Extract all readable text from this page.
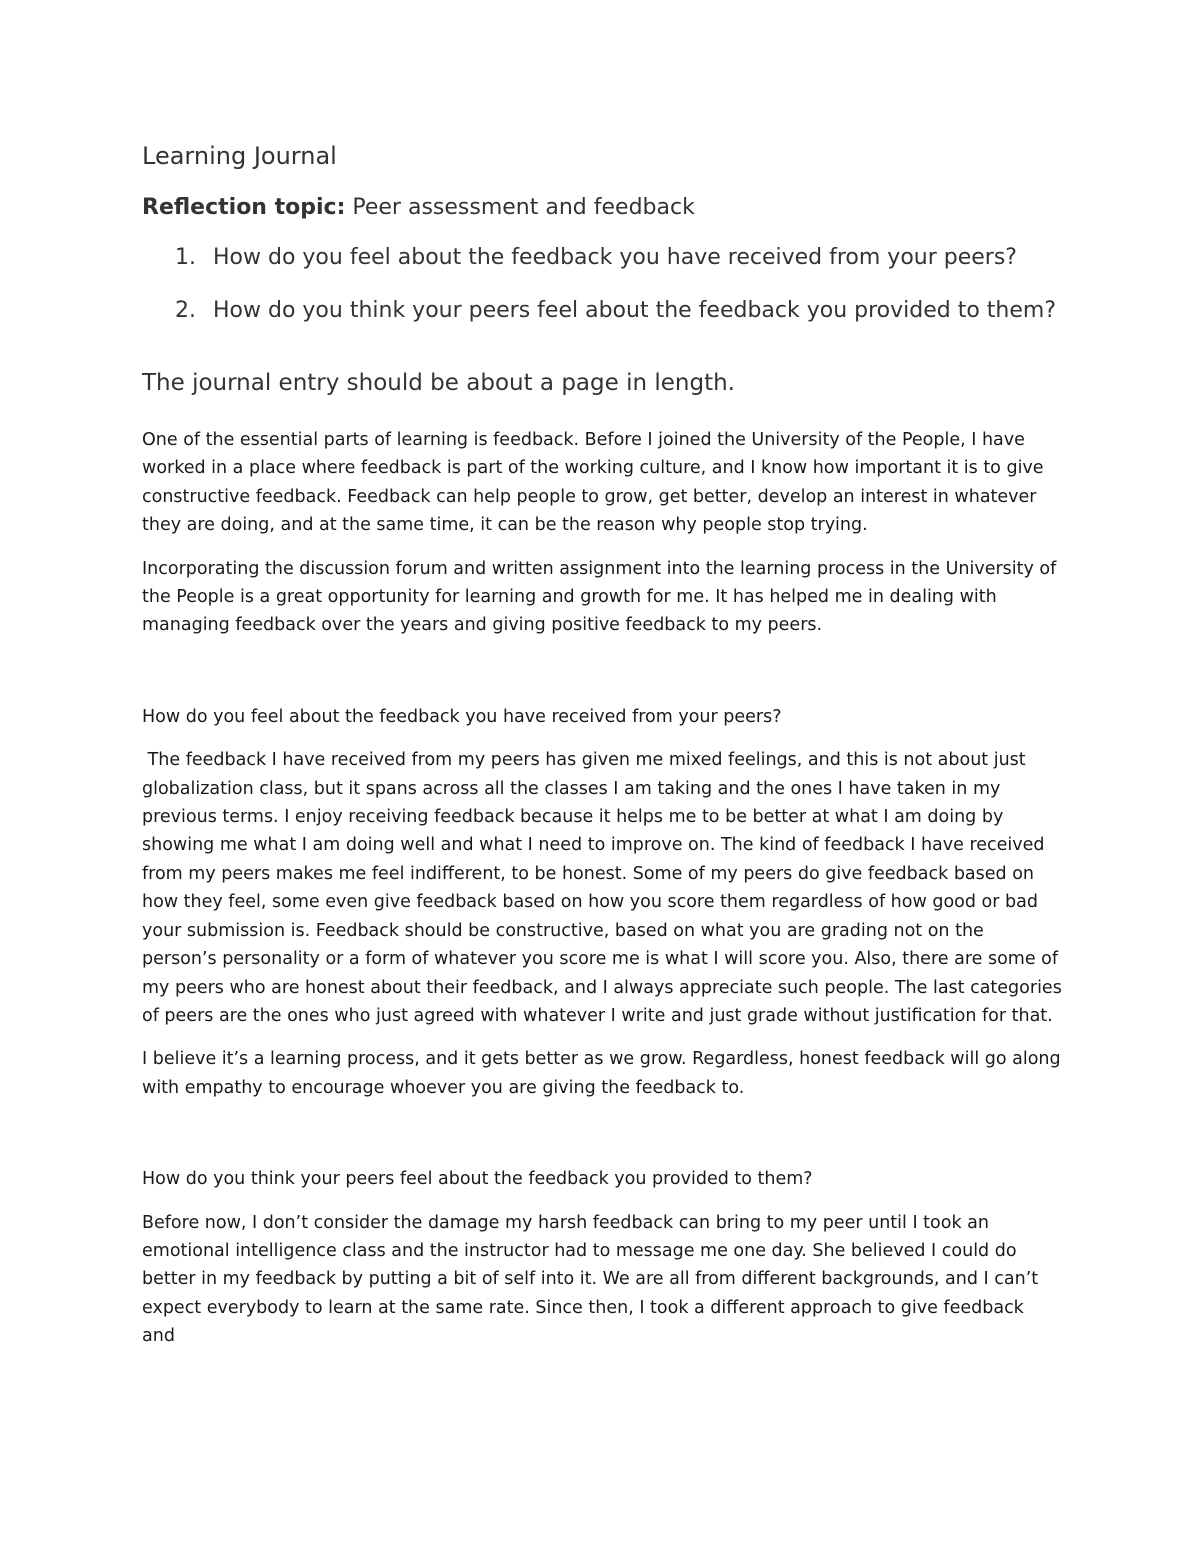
Learning Journal
Reflection topic: Peer assessment and feedback
1. How do you feel about the feedback you have received from your peers?
2. How do you think your peers feel about the feedback you provided to them?
The journal entry should be about a page in length.

One of the essential parts of learning is feedback. Before I joined the University of the People, I have worked in a place where feedback is part of the working culture, and I know how important it is to give constructive feedback. Feedback can help people to grow, get better, develop an interest in whatever they are doing, and at the same time, it can be the reason why people stop trying.

Incorporating the discussion forum and written assignment into the learning process in the University of the People is a great opportunity for learning and growth for me. It has helped me in dealing with managing feedback over the years and giving positive feedback to my peers.

How do you feel about the feedback you have received from your peers?

The feedback I have received from my peers has given me mixed feelings, and this is not about just globalization class, but it spans across all the classes I am taking and the ones I have taken in my previous terms. I enjoy receiving feedback because it helps me to be better at what I am doing by showing me what I am doing well and what I need to improve on. The kind of feedback I have received from my peers makes me feel indifferent, to be honest. Some of my peers do give feedback based on how they feel, some even give feedback based on how you score them regardless of how good or bad your submission is. Feedback should be constructive, based on what you are grading not on the person’s personality or a form of whatever you score me is what I will score you. Also, there are some of my peers who are honest about their feedback, and I always appreciate such people. The last categories of peers are the ones who just agreed with whatever I write and just grade without justification for that.

I believe it’s a learning process, and it gets better as we grow. Regardless, honest feedback will go along with empathy to encourage whoever you are giving the feedback to.

How do you think your peers feel about the feedback you provided to them?

Before now, I don’t consider the damage my harsh feedback can bring to my peer until I took an emotional intelligence class and the instructor had to message me one day. She believed I could do better in my feedback by putting a bit of self into it. We are all from different backgrounds, and I can’t expect everybody to learn at the same rate. Since then, I took a different approach to give feedback and
